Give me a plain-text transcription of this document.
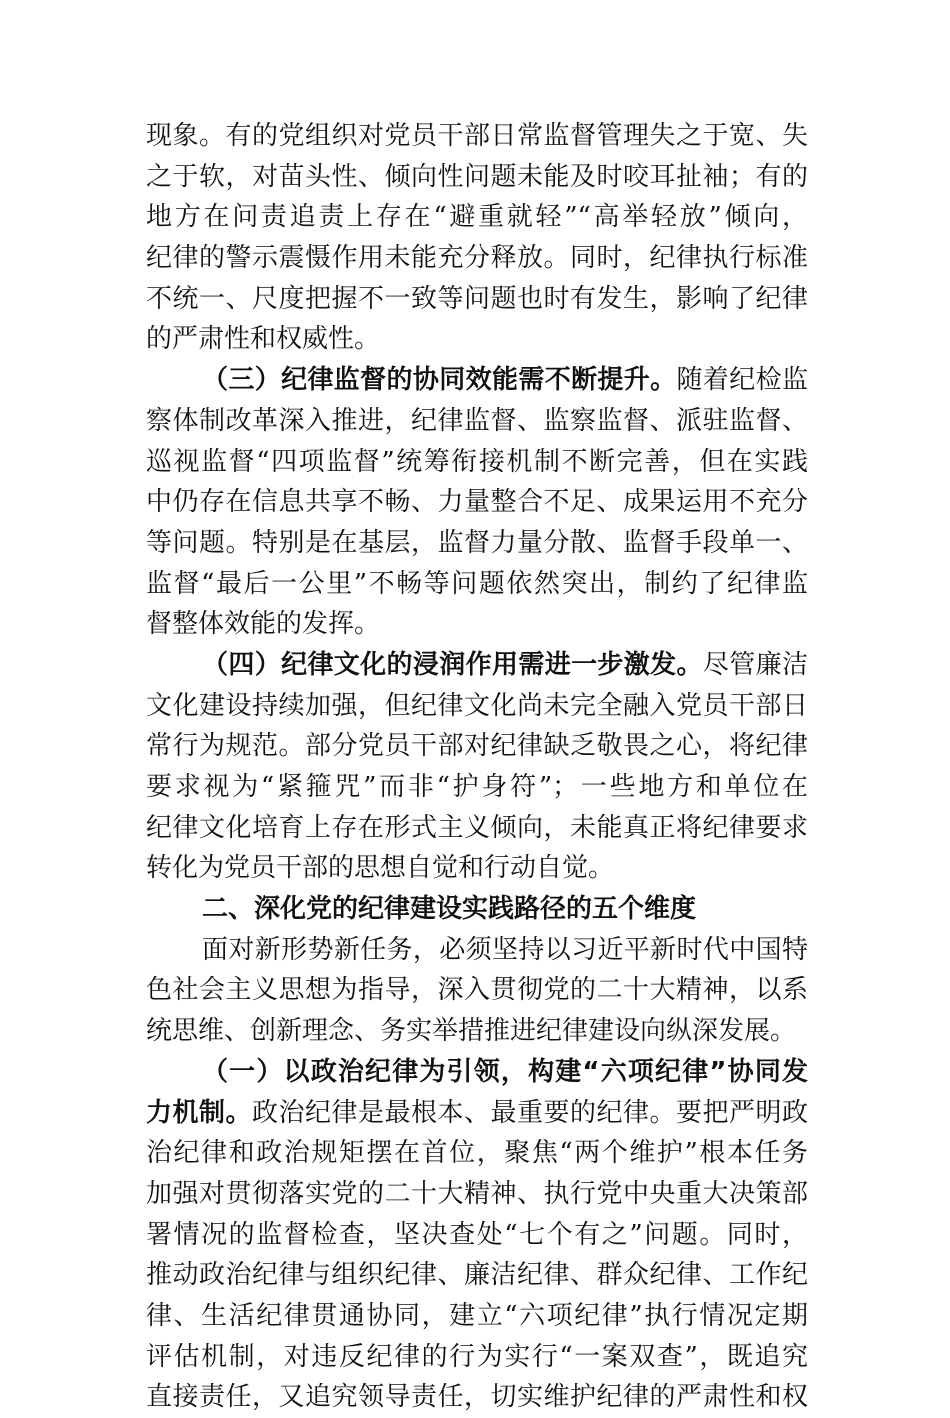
现象。有的党组织对党员干部日常监督管理失之于宽、失
之于软，对苗头性、倾向性问题未能及时咬耳扯袖；有的
地方在问责追责上存在“避重就轻”“高举轻放”倾向，
纪律的警示震慑作用未能充分释放。同时，纪律执行标准
不统一、尺度把握不一致等问题也时有发生，影响了纪律
的严肃性和权威性。
（三）纪律监督的协同效能需不断提升。随着纪检监
察体制改革深入推进，纪律监督、监察监督、派驻监督、
巡视监督“四项监督”统筹衔接机制不断完善，但在实践
中仍存在信息共享不畅、力量整合不足、成果运用不充分
等问题。特别是在基层，监督力量分散、监督手段单一、
监督“最后一公里”不畅等问题依然突出，制约了纪律监
督整体效能的发挥。
（四）纪律文化的浸润作用需进一步激发。尽管廉洁
文化建设持续加强，但纪律文化尚未完全融入党员干部日
常行为规范。部分党员干部对纪律缺乏敬畏之心，将纪律
要求视为“紧箍咒”而非“护身符”；一些地方和单位在
纪律文化培育上存在形式主义倾向，未能真正将纪律要求
转化为党员干部的思想自觉和行动自觉。
二、深化党的纪律建设实践路径的五个维度
面对新形势新任务，必须坚持以习近平新时代中国特
色社会主义思想为指导，深入贯彻党的二十大精神，以系
统思维、创新理念、务实举措推进纪律建设向纵深发展。
（一）以政治纪律为引领，构建“六项纪律”协同发
力机制。政治纪律是最根本、最重要的纪律。要把严明政
治纪律和政治规矩摆在首位，聚焦“两个维护”根本任务
加强对贯彻落实党的二十大精神、执行党中央重大决策部
署情况的监督检查，坚决查处“七个有之”问题。同时，
推动政治纪律与组织纪律、廉洁纪律、群众纪律、工作纪
律、生活纪律贯通协同，建立“六项纪律”执行情况定期
评估机制，对违反纪律的行为实行“一案双查”，既追究
直接责任，又追究领导责任，切实维护纪律的严肃性和权
